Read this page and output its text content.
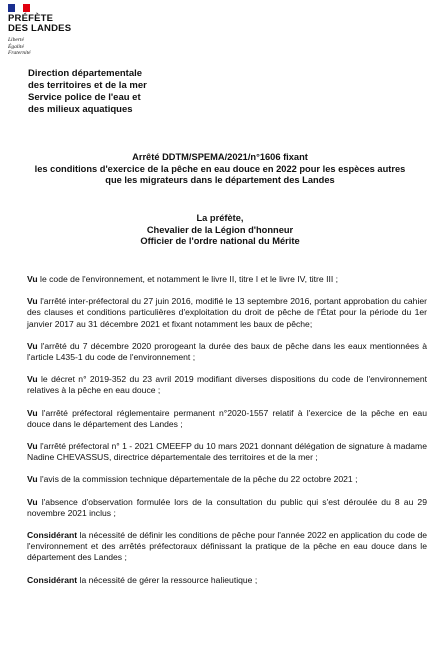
PRÉFÈTE
DES LANDES
Liberté
Égalité
Fraternité
Direction départementale
des territoires et de la mer
Service police de l'eau et
des milieux aquatiques
Arrêté DDTM/SPEMA/2021/n°1606 fixant
les conditions d'exercice de la pêche en eau douce en 2022 pour les espèces autres
que les migrateurs dans le département des Landes
La préfète,
Chevalier de la Légion d'honneur
Officier de l'ordre national du Mérite

Vu le code de l'environnement, et notamment le livre II, titre I et le livre IV, titre III ;

Vu l'arrêté inter-préfectoral du 27 juin 2016, modifié le 13 septembre 2016, portant approbation du cahier des clauses et conditions particulières d'exploitation du droit de pêche de l'État pour la période du 1er janvier 2017 au 31 décembre 2021 et fixant notamment les baux de pêche;

Vu l'arrêté du 7 décembre 2020 prorogeant la durée des baux de pêche dans les eaux mentionnées à l'article L435-1 du code de l'environnement ;

Vu le décret n° 2019-352 du 23 avril 2019 modifiant diverses dispositions du code de l'environnement relatives à la pêche en eau douce ;

Vu l'arrêté préfectoral réglementaire permanent n°2020-1557 relatif à l'exercice de la pêche en eau douce dans le département des Landes ;

Vu l'arrêté préfectoral n° 1 - 2021 CMEEFP du 10 mars 2021 donnant délégation de signature à madame Nadine CHEVASSUS, directrice départementale des territoires et de la mer ;

Vu l'avis de la commission technique départementale de la pêche du 22 octobre 2021 ;

Vu l'absence d'observation formulée lors de la consultation du public qui s'est déroulée du 8 au 29 novembre 2021 inclus ;

Considérant la nécessité de définir les conditions de pêche pour l'année 2022 en application du code de l'environnement et des arrêtés préfectoraux définissant la pratique de la pêche en eau douce dans le département des Landes ;

Considérant la nécessité de gérer la ressource halieutique ;
